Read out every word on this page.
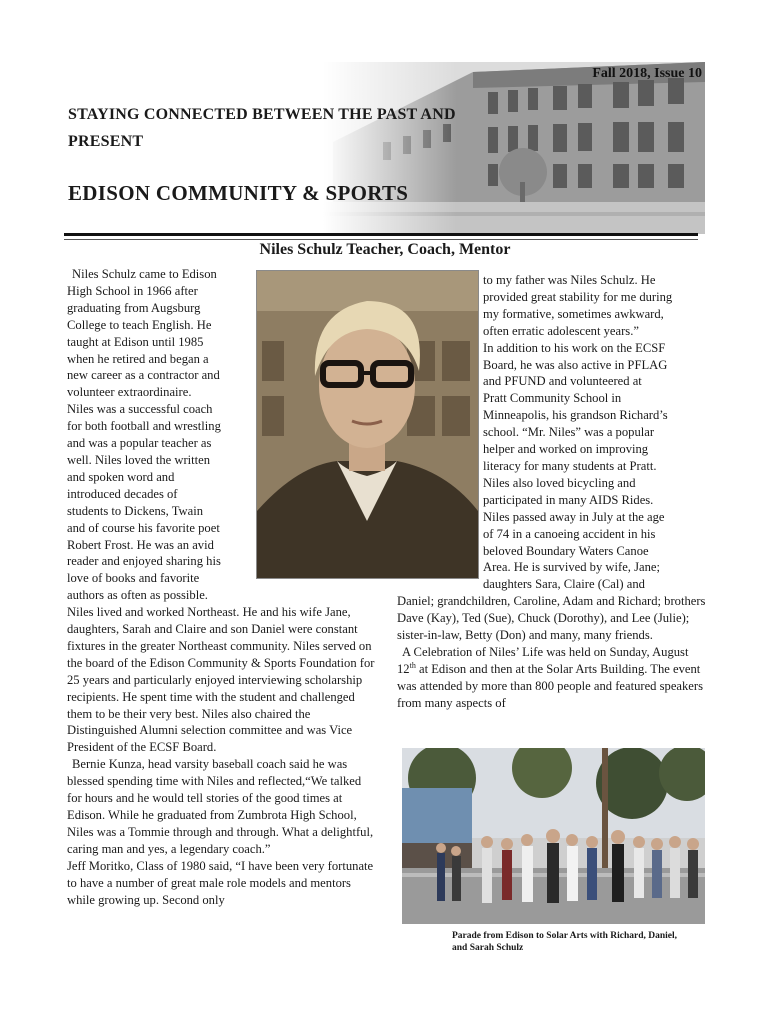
Fall 2018, Issue 10
STAYING CONNECTED BETWEEN THE PAST AND PRESENT
EDISON COMMUNITY & SPORTS
Niles Schulz Teacher, Coach, Mentor
Niles Schulz came to Edison
High School in 1966 after
graduating from Augsburg
College to teach English. He
taught at Edison until 1985
when he retired and began a
new career as a contractor and
volunteer extraordinaire.
Niles was a successful coach
for both football and wrestling
and was a popular teacher as
well. Niles loved the written
and spoken word and
introduced decades of
students to Dickens, Twain
and of course his favorite poet
Robert Frost. He was an avid
reader and enjoyed sharing his
love of books and favorite
authors as often as possible.

Niles lived and worked Northeast. He and his wife Jane, daughters, Sarah and Claire and son Daniel were constant fixtures in the greater Northeast community. Niles served on the board of the Edison Community & Sports Foundation for 25 years and particularly enjoyed interviewing scholarship recipients. He spent time with the student and challenged them to be their very best. Niles also chaired the Distinguished Alumni selection committee and was Vice President of the ECSF Board.

Bernie Kunza, head varsity baseball coach said he was blessed spending time with Niles and reflected,“We talked for hours and he would tell stories of the good times at Edison. While he graduated from Zumbrota High School, Niles was a Tommie through and through. What a delightful, caring man and yes, a legendary coach.”

Jeff Moritko, Class of 1980 said, “I have been very fortunate to have a number of great male role models and mentors while growing up. Second only

to my father was Niles Schulz. He
provided great stability for me during
my formative, sometimes awkward,
often erratic adolescent years.”
In addition to his work on the ECSF
Board, he was also active in PFLAG
and PFUND and volunteered at
Pratt Community School in
Minneapolis, his grandson Richard’s
school. “Mr. Niles” was a popular
helper and worked on improving
literacy for many students at Pratt.
Niles also loved bicycling and
participated in many AIDS Rides.
Niles passed away in July at the age
of 74 in a canoeing accident in his
beloved Boundary Waters Canoe
Area. He is survived by wife, Jane;
daughters Sara, Claire (Cal) and

Daniel; grandchildren, Caroline, Adam and Richard; brothers Dave (Kay), Ted (Sue), Chuck (Dorothy), and Lee (Julie); sister-in-law, Betty (Don) and many, many friends.

A Celebration of Niles’ Life was held on Sunday, August 12th at Edison and then at the Solar Arts Building. The event was attended by more than 800 people and featured speakers from many aspects of

Parade from Edison to Solar Arts with Richard, Daniel, and Sarah Schulz
